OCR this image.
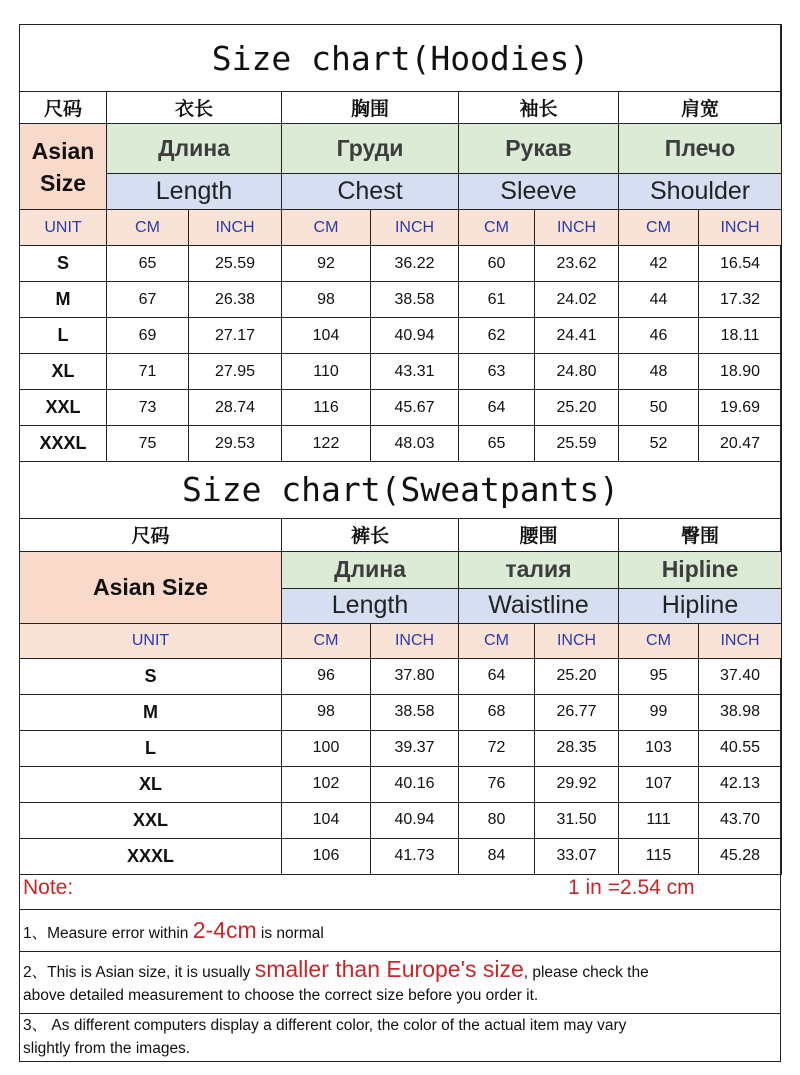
Size chart(Hoodies)								
尺码	衣长		胸围		袖长		肩宽	
Asian Size	Длина		Груди		Рукав		Плечо	
	Length		Chest		Sleeve		Shoulder	
UNIT	CM	INCH	CM	INCH	CM	INCH	CM	INCH
S	65	25.59	92	36.22	60	23.62	42	16.54
M	67	26.38	98	38.58	61	24.02	44	17.32
L	69	27.17	104	40.94	62	24.41	46	18.11
XL	71	27.95	110	43.31	63	24.80	48	18.90
XXL	73	28.74	116	45.67	64	25.20	50	19.69
XXXL	75	29.53	122	48.03	65	25.59	52	20.47
Size chart(Sweatpants)						
尺码	裤长		腰围		臀围	
Asian Size	Длина		талия		Hipline	
	Length		Waistline		Hipline	
UNIT	CM	INCH	CM	INCH	CM	INCH
S	96	37.80	64	25.20	95	37.40
M	98	38.58	68	26.77	99	38.98
L	100	39.37	72	28.35	103	40.55
XL	102	40.16	76	29.92	107	42.13
XXL	104	40.94	80	31.50	111	43.70
XXXL	106	41.73	84	33.07	115	45.28
Note:	1 in =2.54 cm
1、Measure error within 2-4cm is normal
2、This is Asian size, it is usually smaller than Europe's size, please check the
above detailed measurement to choose the correct size before you order it.
3、 As different computers display a different color, the color of the actual item may vary
slightly from the images.
